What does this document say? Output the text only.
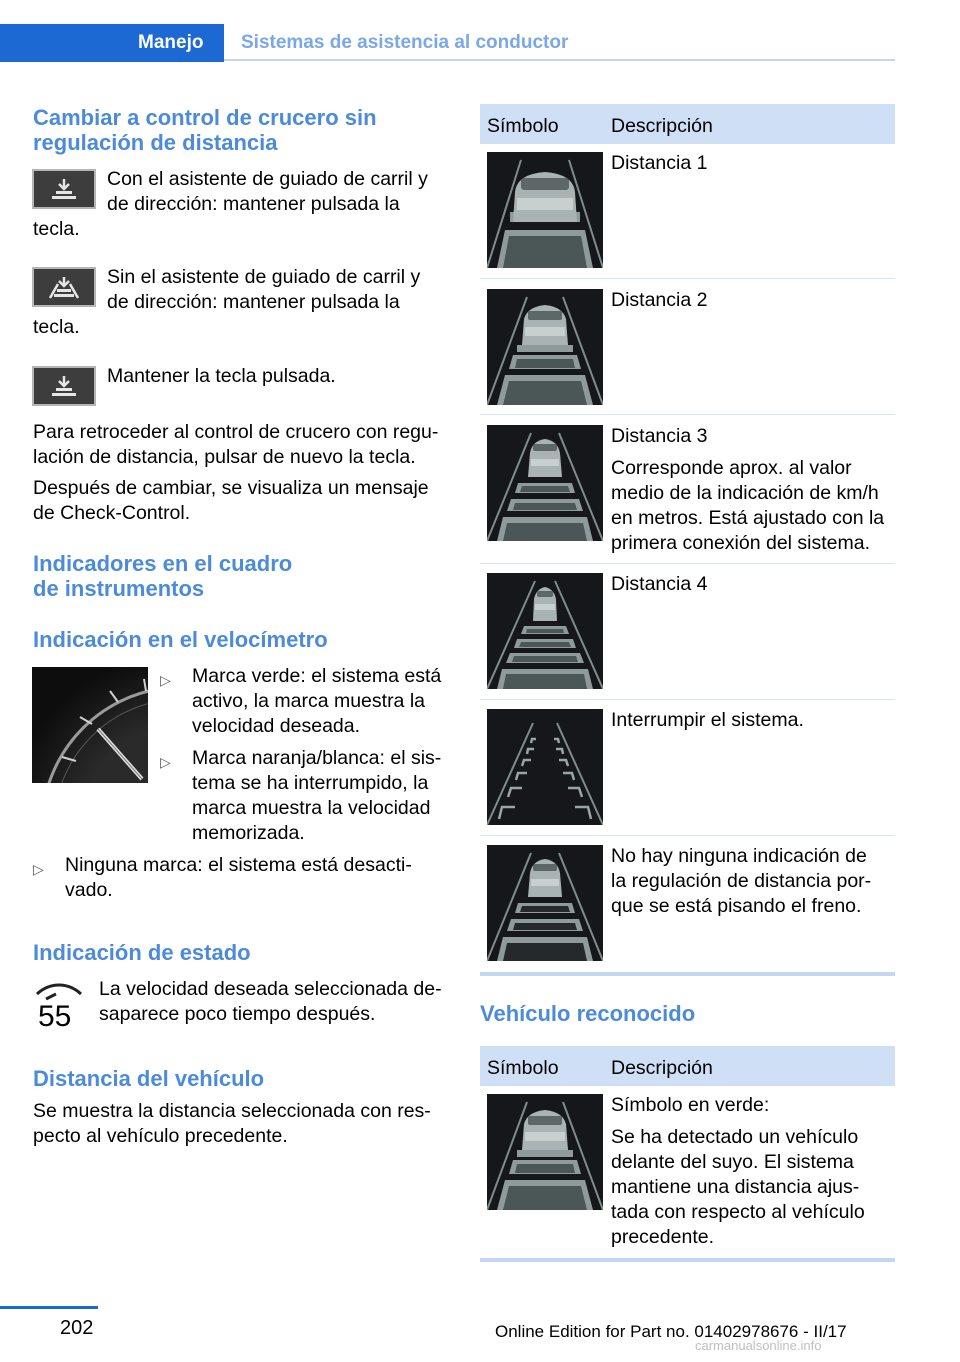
Manejo Sistemas de asistencia al conductor
Cambiar a control de crucero sin
regulación de distancia
Con el asistente de guiado de carril y
de dirección: mantener pulsada la
tecla.
Sin el asistente de guiado de carril y
de dirección: mantener pulsada la
tecla.
Mantener la tecla pulsada.
Para retroceder al control de crucero con regu‐
lación de distancia, pulsar de nuevo la tecla.
Después de cambiar, se visualiza un mensaje
de Check-Control.
Indicadores en el cuadro
de instrumentos
Indicación en el velocímetro
▷	Marca verde: el sistema está
activo, la marca muestra la
velocidad deseada.
▷	Marca naranja/blanca: el sis‐
tema se ha interrumpido, la
marca muestra la velocidad
memorizada.
▷	Ninguna marca: el sistema está desacti‐
vado.
Indicación de estado
55
La velocidad deseada seleccionada de‐
saparece poco tiempo después.
Distancia del vehículo
Se muestra la distancia seleccionada con res‐
pecto al vehículo precedente.
Símbolo	Descripción
Distancia 1
Distancia 2
Distancia 3
Corresponde aprox. al valor
medio de la indicación de km/h
en metros. Está ajustado con la
primera conexión del sistema.
Distancia 4
Interrumpir el sistema.
No hay ninguna indicación de
la regulación de distancia por‐
que se está pisando el freno.
Vehículo reconocido
Símbolo	Descripción
Símbolo en verde:
Se ha detectado un vehículo
delante del suyo. El sistema
mantiene una distancia ajus‐
tada con respecto al vehículo
precedente.
202	Online Edition for Part no. 01402978676 - II/17
carmanualsonline.info
